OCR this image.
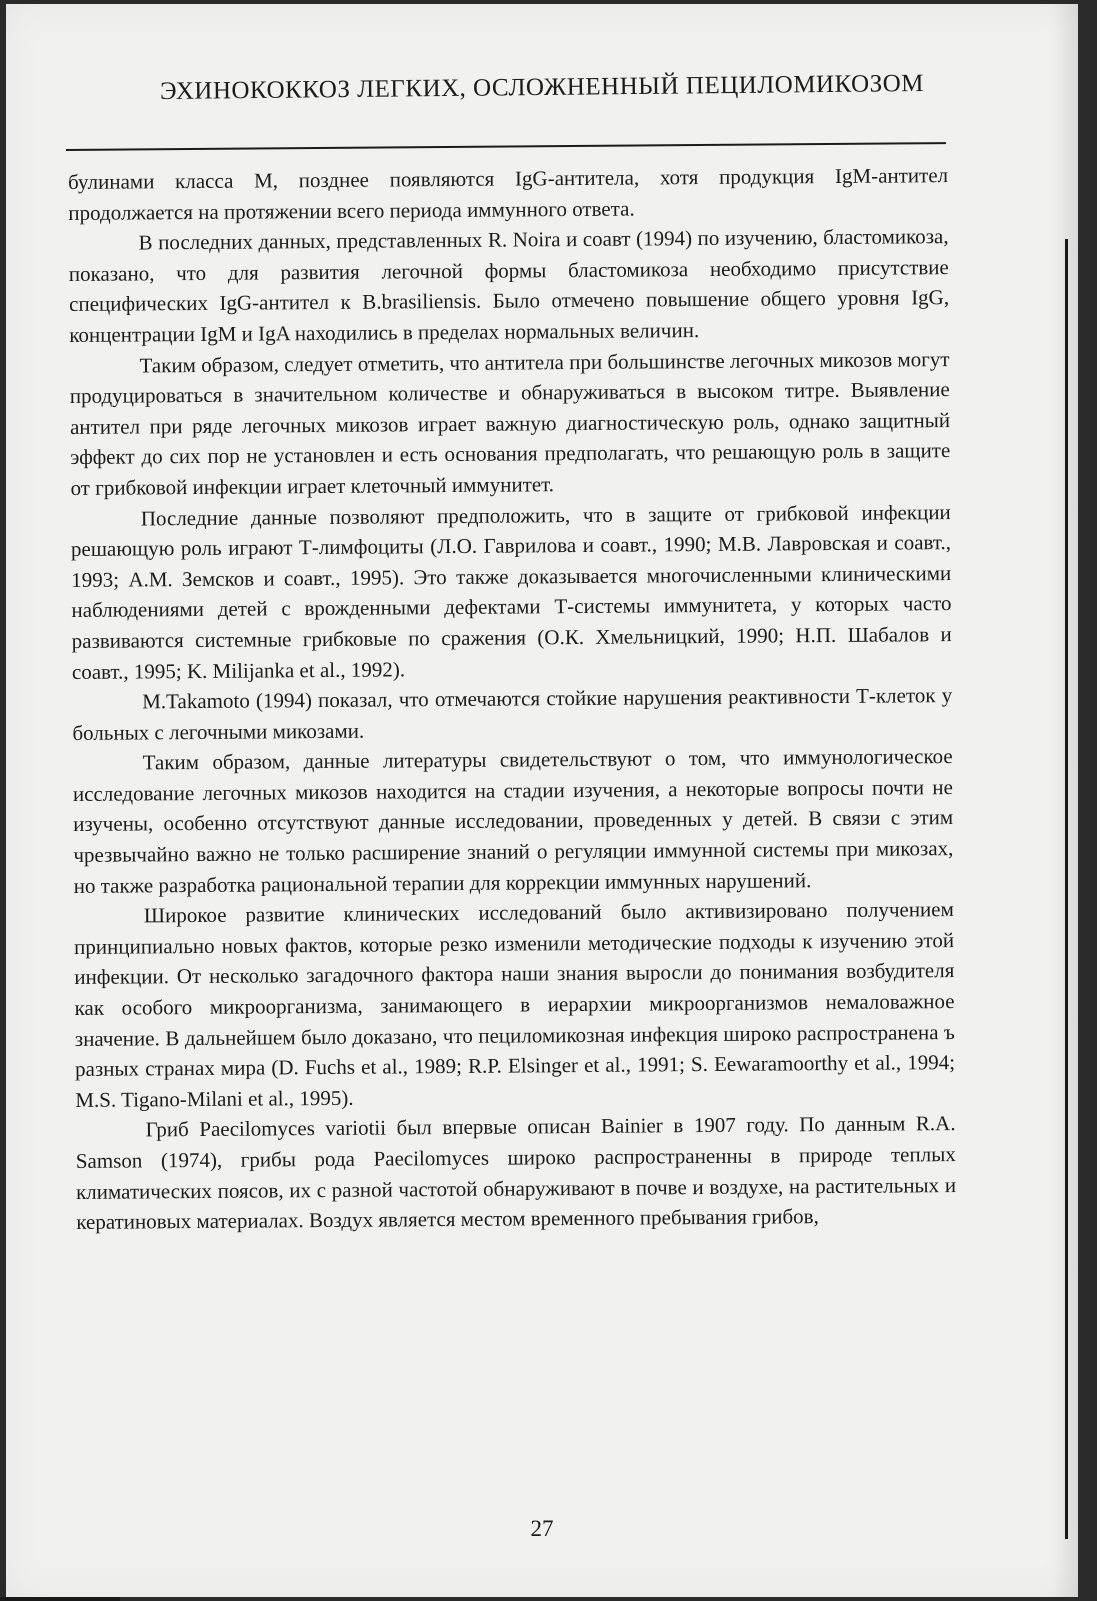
ЭХИНОКОККОЗ ЛЕГКИХ, ОСЛОЖНЕННЫЙ ПЕЦИЛОМИКОЗОМ

булинами класса М, позднее появляются IgG-антитела, хотя продукция IgM-антител продолжается на протяжении всего периода иммунного ответа.

В последних данных, представленных R. Noira и соавт (1994) по изучению, бластомикоза, показано, что для развития легочной формы бластомикоза необходимо присутствие специфических IgG-антител к B.brasiliensis. Было отмечено повышение общего уровня IgG, концентрации IgM и IgA находились в пределах нормальных величин.

Таким образом, следует отметить, что антитела при большинстве легочных микозов могут продуцироваться в значительном количестве и обнаруживаться в высоком титре. Выявление антител при ряде легочных микозов играет важную диагностическую роль, однако защитный эффект до сих пор не установлен и есть основания предполагать, что решающую роль в защите от грибковой инфекции играет клеточный иммунитет.

Последние данные позволяют предположить, что в защите от грибковой инфекции решающую роль играют Т-лимфоциты (Л.О. Гаврилова и соавт., 1990; М.В. Лавровская и соавт., 1993; А.М. Земсков и соавт., 1995). Это также доказывается многочисленными клиническими наблюдениями детей с врожденными дефектами Т-системы иммунитета, у которых часто развиваются системные грибковые по сражения (О.К. Хмельницкий, 1990; Н.П. Шабалов и соавт., 1995; K. Milijanka et al., 1992).

M.Takamoto (1994) показал, что отмечаются стойкие нарушения реактивности Т-клеток у больных с легочными микозами.

Таким образом, данные литературы свидетельствуют о том, что иммунологическое исследование легочных микозов находится на стадии изучения, а некоторые вопросы почти не изучены, особенно отсутствуют данные исследовании, проведенных у детей. В связи с этим чрезвычайно важно не только расширение знаний о регуляции иммунной системы при микозах, но также разработка рациональной терапии для коррекции иммунных нарушений.

Широкое развитие клинических исследований было активизировано получением принципиально новых фактов, которые резко изменили методические подходы к изучению этой инфекции. От несколько загадочного фактора наши знания выросли до понимания возбудителя как особого микроорганизма, занимающего в иерархии микроорганизмов немаловажное значение. В дальнейшем было доказано, что пециломикозная инфекция широко распространена ъ разных странах мира (D. Fuchs et al., 1989; R.P. Elsinger et al., 1991; S. Eewaramoorthy et al., 1994; M.S. Tigano-Milani et al., 1995).

Гриб Paecilomyces variotii был впервые описан Bainier в 1907 году. По данным R.A. Samson (1974), грибы рода Paecilomyces широко распространенны в природе теплых климатических поясов, их с разной частотой обнаруживают в почве и воздухе, на растительных и кератиновых материалах. Воздух является местом временного пребывания грибов,

27
